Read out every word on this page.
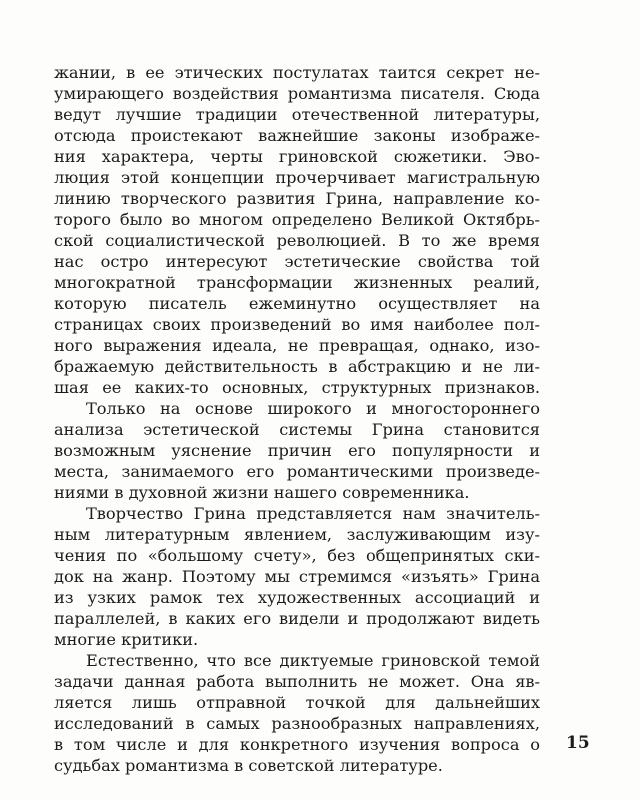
жании, в ее этических постулатах таится секрет не-
умирающего воздействия романтизма писателя. Сюда
ведут лучшие традиции отечественной литературы,
отсюда проистекают важнейшие законы изображе-
ния характера, черты гриновской сюжетики. Эво-
люция этой концепции прочерчивает магистральную
линию творческого развития Грина, направление ко-
торого было во многом определено Великой Октябрь-
ской социалистической революцией. В то же время
нас остро интересуют эстетические свойства той
многократной трансформации жизненных реалий,
которую писатель ежеминутно осуществляет на
страницах своих произведений во имя наиболее пол-
ного выражения идеала, не превращая, однако, изо-
бражаемую действительность в абстракцию и не ли-
шая ее каких-то основных, структурных признаков.
Только на основе широкого и многостороннего
анализа эстетической системы Грина становится
возможным уяснение причин его популярности и
места, занимаемого его романтическими произведе-
ниями в духовной жизни нашего современника.
Творчество Грина представляется нам значитель-
ным литературным явлением, заслуживающим изу-
чения по «большому счету», без общепринятых ски-
док на жанр. Поэтому мы стремимся «изъять» Грина
из узких рамок тех художественных ассоциаций и
параллелей, в каких его видели и продолжают видеть
многие критики.
Естественно, что все диктуемые гриновской темой
задачи данная работа выполнить не может. Она яв-
ляется лишь отправной точкой для дальнейших
исследований в самых разнообразных направлениях,
в том числе и для конкретного изучения вопроса о
судьбах романтизма в советской литературе.
15
